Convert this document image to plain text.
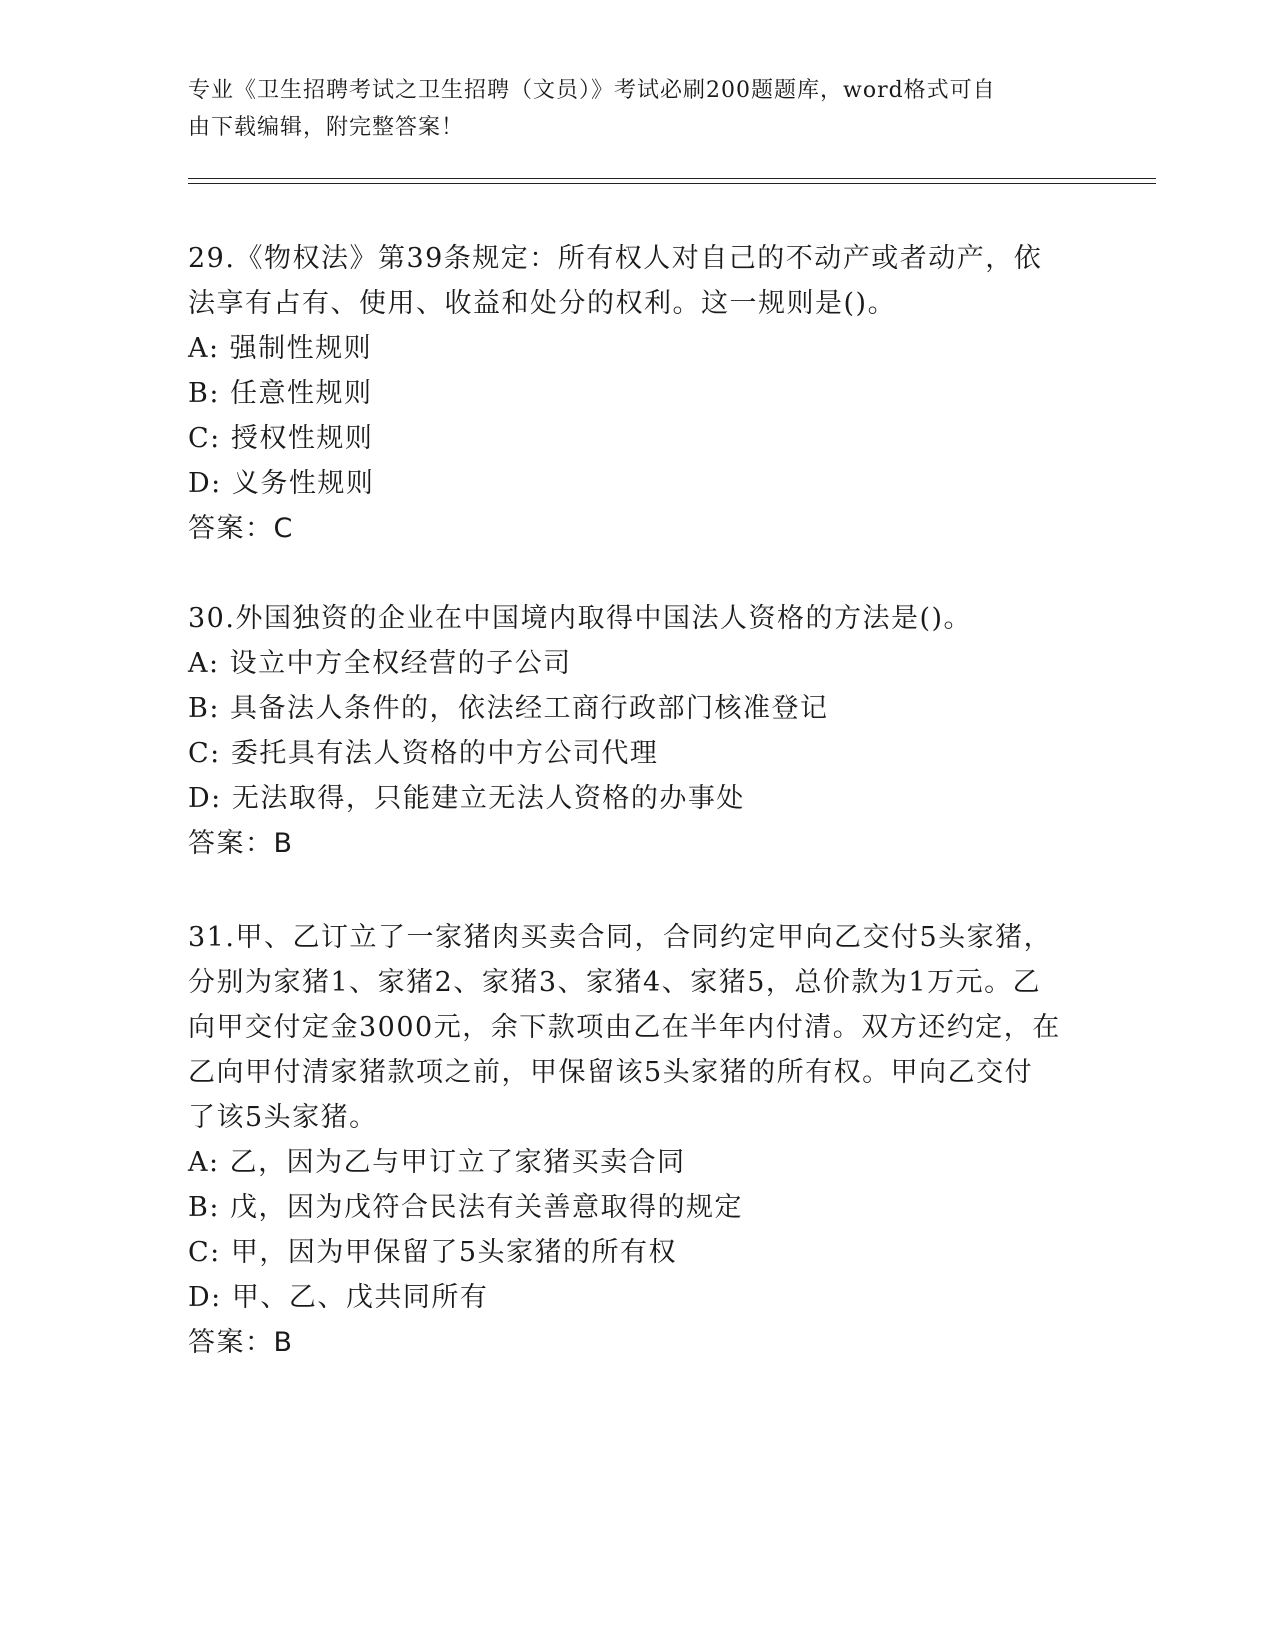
专业《卫生招聘考试之卫生招聘（文员）》考试必刷200题题库，word格式可自
由下载编辑，附完整答案！

29.《物权法》第39条规定：所有权人对自己的不动产或者动产，依

法享有占有、使用、收益和处分的权利。这一规则是()。

A: 强制性规则

B: 任意性规则

C: 授权性规则

D: 义务性规则

答案：C

30.外国独资的企业在中国境内取得中国法人资格的方法是()。

A: 设立中方全权经营的子公司

B: 具备法人条件的，依法经工商行政部门核准登记

C: 委托具有法人资格的中方公司代理

D: 无法取得，只能建立无法人资格的办事处

答案：B

31.甲、乙订立了一家猪肉买卖合同，合同约定甲向乙交付5头家猪，

分别为家猪1、家猪2、家猪3、家猪4、家猪5，总价款为1万元。乙

向甲交付定金3000元，余下款项由乙在半年内付清。双方还约定，在

乙向甲付清家猪款项之前，甲保留该5头家猪的所有权。甲向乙交付

了该5头家猪。

A: 乙，因为乙与甲订立了家猪买卖合同

B: 戊，因为戊符合民法有关善意取得的规定

C: 甲，因为甲保留了5头家猪的所有权

D: 甲、乙、戊共同所有

答案：B
